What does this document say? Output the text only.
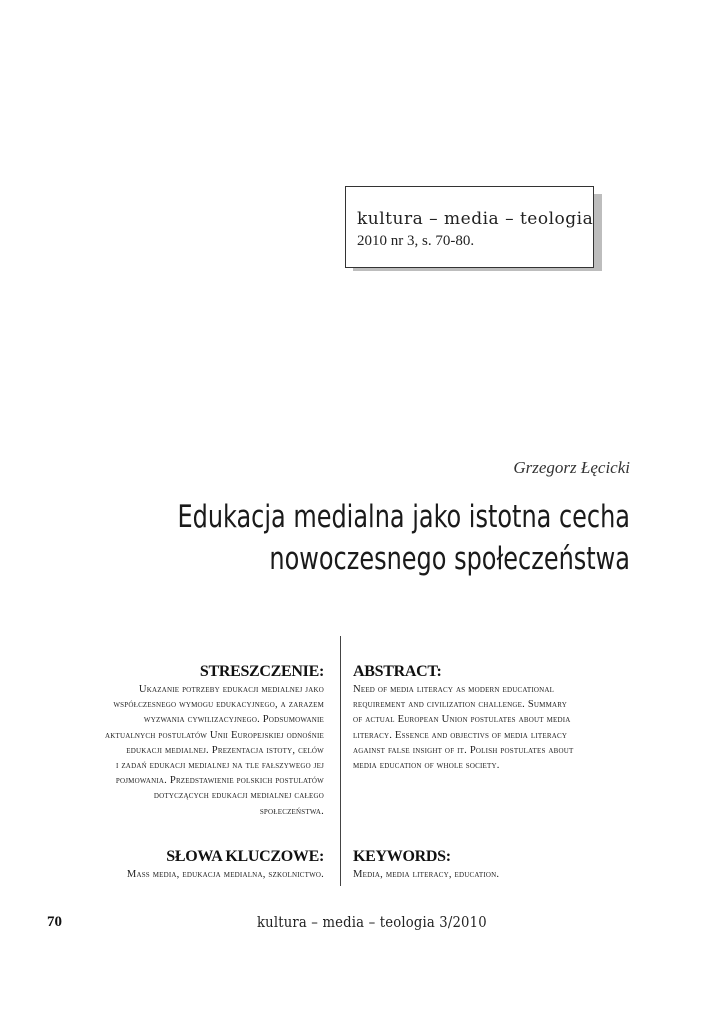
kultura – media – teologia
2010 nr 3, s. 70-80.
Grzegorz Łęcicki
Edukacja medialna jako istotna cecha
nowoczesnego społeczeństwa
STRESZCZENIE:
Ukazanie potrzeby edukacji medialnej jako
współczesnego wymogu edukacyjnego, a zarazem
wyzwania cywilizacyjnego. Podsumowanie
aktualnych postulatów Unii Europejskiej odnośnie
edukacji medialnej. Prezentacja istoty, celów
i zadań edukacji medialnej na tle fałszywego jej
pojmowania. Przedstawienie polskich postulatów
dotyczących edukacji medialnej całego
społeczeństwa.
ABSTRACT:
Need of media literacy as modern educational
requirement and civilization challenge. Summary
of actual European Union postulates about media
literacy. Essence and objectivs of media literacy
against false insight of it. Polish postulates about
media education of whole society.
SŁOWA KLUCZOWE:
Mass media, edukacja medialna, szkolnictwo.
KEYWORDS:
Media, media literacy, education.
70	kultura – media – teologia 3/2010
